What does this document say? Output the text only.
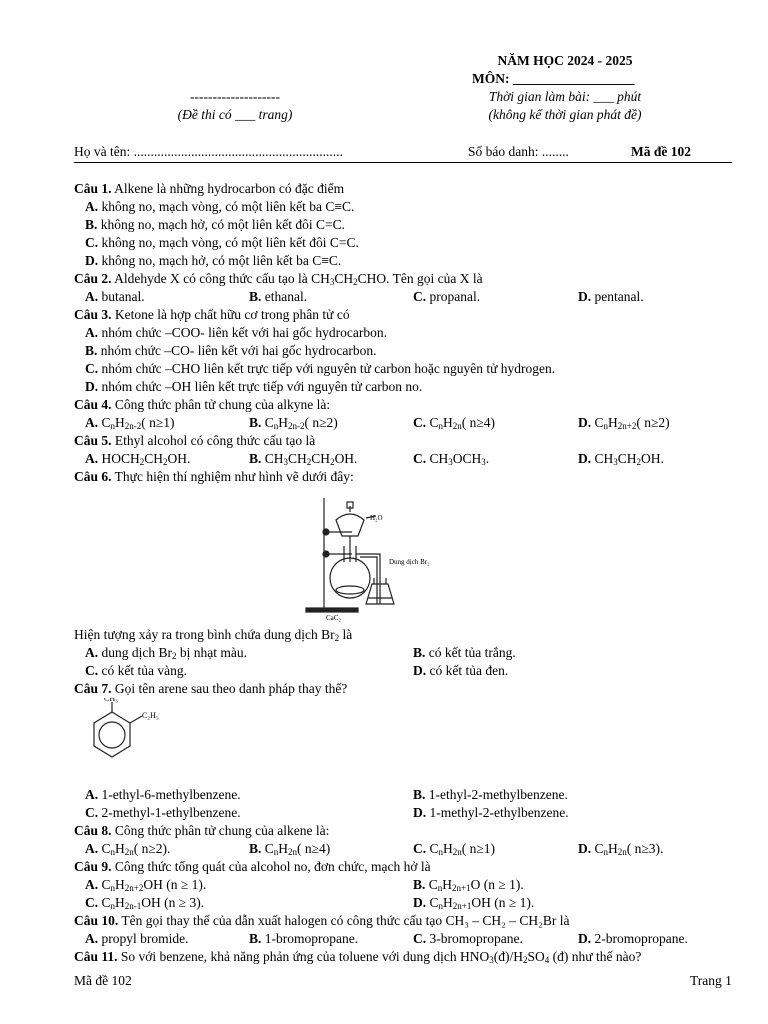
NĂM HỌC 2024 - 2025
MÔN: __________________
Thời gian làm bài: ___ phút
(không kể thời gian phát đề)
--------------------
(Đề thi có ___ trang)
Họ và tên: ..............................................................	Số báo danh: ........	Mã đề 102
Câu 1. Alkene là những hydrocarbon có đặc điểm
A. không no, mạch vòng, có một liên kết ba C≡C.
B. không no, mạch hở, có một liên kết đôi C=C.
C. không no, mạch vòng, có một liên kết đôi C=C.
D. không no, mạch hở, có một liên kết ba C≡C.
Câu 2. Aldehyde X có công thức cấu tạo là $CH_3CH_2CHO$. Tên gọi của X là
A. butanal.	B. ethanal.	C. propanal.	D. pentanal.
Câu 3. Ketone là hợp chất hữu cơ trong phân tử có
A. nhóm chức –COO- liên kết với hai gốc hydrocarbon.
B. nhóm chức –CO- liên kết với hai gốc hydrocarbon.
C. nhóm chức –CHO liên kết trực tiếp với nguyên tử carbon hoặc nguyên tử hydrogen.
D. nhóm chức –OH liên kết trực tiếp với nguyên tử carbon no.
Câu 4. Công thức phân tử chung của alkyne là:
A. $C_nH_{2n-2}$( n≥1)	B. $C_nH_{2n-2}$( n≥2)	C. $C_nH_{2n}$( n≥4)	D. $C_nH_{2n+2}$( n≥2)
Câu 5. Ethyl alcohol có công thức cấu tạo là
A. $HOCH_2CH_2OH$.	B. $CH_3CH_2CH_2OH$.	C. $CH_3OCH_3$.	D. $CH_3CH_2OH$.
Câu 6. Thực hiện thí nghiệm như hình vẽ dưới đây:
H₂O
Dung dịch Br₂
CaC₂
Hiện tượng xảy ra trong bình chứa dung dịch $Br_2$ là
A. dung dịch $Br_2$ bị nhạt màu.	B. có kết tủa trắng.
C. có kết tủa vàng.	D. có kết tủa đen.
Câu 7. Gọi tên arene sau theo danh pháp thay thế?
CH₃
C₂H₅
A. 1-ethyl-6-methylbenzene.	B. 1-ethyl-2-methylbenzene.
C. 2-methyl-1-ethylbenzene.	D. 1-methyl-2-ethylbenzene.
Câu 8. Công thức phân tử chung của alkene là:
A. $C_nH_{2n}$( n≥2).	B. $C_nH_{2n}$( n≥4)	C. $C_nH_{2n}$( n≥1)	D. $C_nH_{2n}$( n≥3).
Câu 9. Công thức tổng quát của alcohol no, đơn chức, mạch hở là
A. $C_nH_{2n+2}OH$ (n ≥ 1).	B. $C_nH_{2n+1}O$ (n ≥ 1).
C. $C_nH_{2n-1}OH$ (n ≥ 3).	D. $C_nH_{2n+1}OH$ (n ≥ 1).
Câu 10. Tên gọi thay thế của dẫn xuất halogen có công thức cấu tạo CH₃ – CH₂ – CH₂Br là
A. propyl bromide.	B. 1-bromopropane.	C. 3-bromopropane.	D. 2-bromopropane.
Câu 11. So với benzene, khả năng phản ứng của toluene với dung dịch $HNO_3(đ)/H_2SO_4$ (đ) như thế nào?
Mã đề 102	Trang 1
